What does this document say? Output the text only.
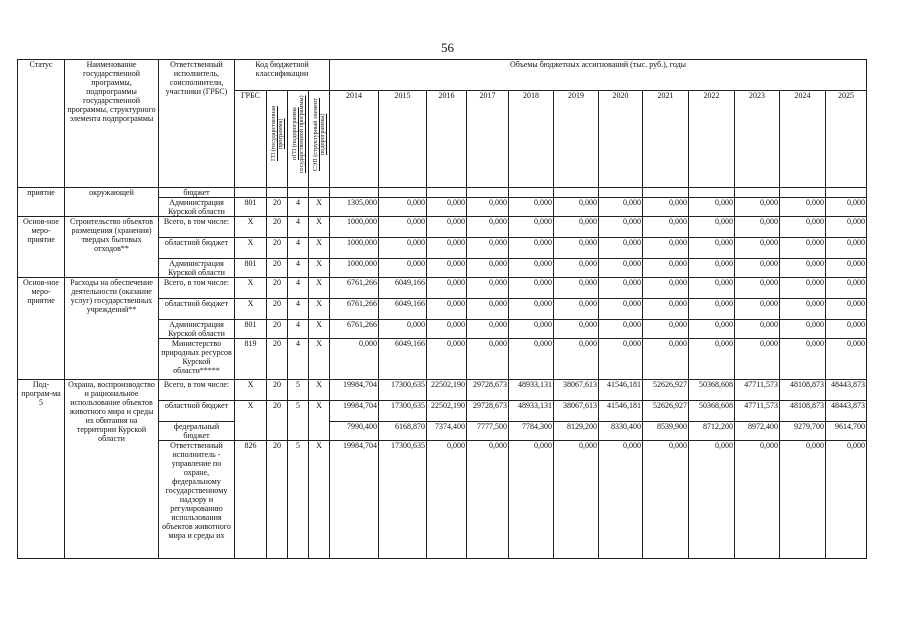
56
Статус	Наименование государственной программы, подпрограммы государственной программы, структурного элемента подпрограммы	Ответственный исполнитель, соисполнители, участники (ГРБС)	Код бюджетной классификации				Объемы бюджетных ассигнований (тыс. руб.), годы											
			ГРБС	ГП (государственная программа)	пГП (подпрограмма государственной программы)	СЭП (структурный элемент подпрограммы)	2014	2015	2016	2017	2018	2019	2020	2021	2022	2023	2024	2025
приятие	окружающей	бюджет																
		Администрация Курской области	801	20	4	X	1305,000	0,000	0,000	0,000	0,000	0,000	0,000	0,000	0,000	0,000	0,000	0,000
Основ-ное меро-приятие	Строительство объектов размещения (хранения) твердых бытовых отходов**	Всего, в том числе:	X	20	4	X	1000,000	0,000	0,000	0,000	0,000	0,000	0,000	0,000	0,000	0,000	0,000	0,000
		областной бюджет	X	20	4	X	1000,000	0,000	0,000	0,000	0,000	0,000	0,000	0,000	0,000	0,000	0,000	0,000
		Администрация Курской области	801	20	4	X	1000,000	0,000	0,000	0,000	0,000	0,000	0,000	0,000	0,000	0,000	0,000	0,000
Основ-ное меро-приятие	Расходы на обеспечение деятельности (оказание услуг) государственных учреждений**	Всего, в том числе:	X	20	4	X	6761,266	6049,166	0,000	0,000	0,000	0,000	0,000	0,000	0,000	0,000	0,000	0,000
		областной бюджет	X	20	4	X	6761,266	6049,166	0,000	0,000	0,000	0,000	0,000	0,000	0,000	0,000	0,000	0,000
		Администрация Курской области	801	20	4	X	6761,266	0,000	0,000	0,000	0,000	0,000	0,000	0,000	0,000	0,000	0,000	0,000
		Министерство природных ресурсов Курской области*****	819	20	4	X	0,000	6049,166	0,000	0,000	0,000	0,000	0,000	0,000	0,000	0,000	0,000	0,000
Под-програм-ма 5	Охрана, воспроизводство и рациональное использование объектов животного мира и среды их обитания на территории Курской области	Всего, в том числе:	X	20	5	X	19984,704	17300,635	22502,190	29728,673	48933,131	38067,613	41546,181	52626,927	50368,608	47711,573	48108,873	48443,873
		областной бюджет	X	20	5	X	19984,704	17300,635	22502,190	29728,673	48933,131	38067,613	41546,181	52626,927	50368,608	47711,573	48108,873	48443,873
		федеральный бюджет					7990,400	6168,870	7374,400	7777,500	7784,300	8129,200	8330,400	8539,900	8712,200	8972,400	9279,700	9614,700
		Ответственный исполнитель - управление по охране, федеральному государственному надзору и регулированию использования объектов животного мира и среды их	826	20	5	X	19984,704	17300,635	0,000	0,000	0,000	0,000	0,000	0,000	0,000	0,000	0,000	0,000
